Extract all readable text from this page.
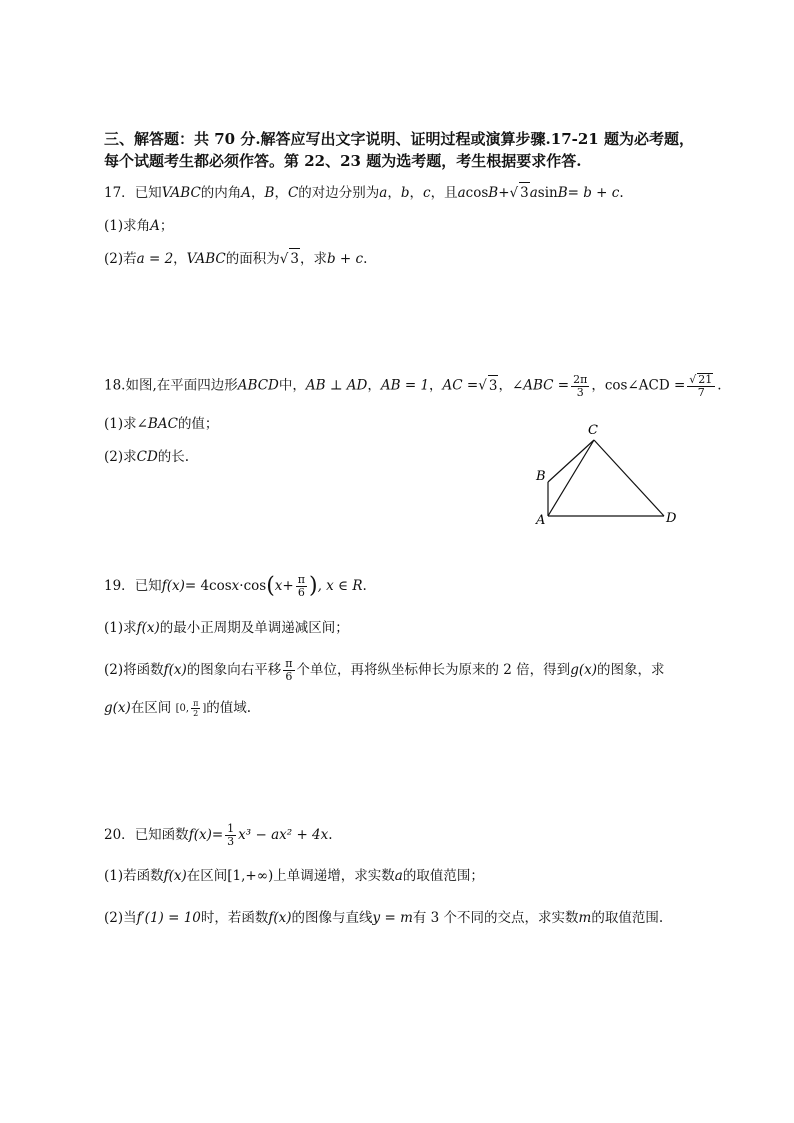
三、解答题：共 70 分.解答应写出文字说明、证明过程或演算步骤.17-21 题为必考题，
每个试题考生都必须作答。第 22、23 题为选考题，考生根据要求作答.
17．已知VABC的内角A，B，C的对边分别为a，b，c，且acosB+√ 3asinB= b + c.
(1)求角A；
(2)若a = 2，VABC的面积为√ 3，求b + c.
18.如图,在平面四边形ABCD中，AB ⊥ AD，AB = 1，AC =√ 3，∠ABC = $\frac{2\pi}{3}$ ，cos∠ACD = $\frac{√ 21}{7}$ .
(1)求∠BAC的值；
(2)求CD的长.
C
B
A	D
19．已知$f(x)= 4\cos x\cdot\cos(x+ \frac{\pi}{6}$ ), x ∈ R.
(1)求f(x)的最小正周期及单调递减区间；
(2)将函数f(x)的图象向右平移 $\frac{\pi}{6}$ 个单位，再将纵坐标伸长为原来的 2 倍，得到g(x)的图象，求
g(x)在区间 [0, $\frac{\pi}{2}$ ]的值域.
20．已知函数$f(x)= \frac{1}{3} x^3 - ax^2 + 4x$.
(1)若函数f(x)在区间[1,+∞)上单调递增，求实数a的取值范围；
(2)当f′(1) = 10时，若函数f(x)的图像与直线y = m有 3 个不同的交点，求实数m的取值范围.
